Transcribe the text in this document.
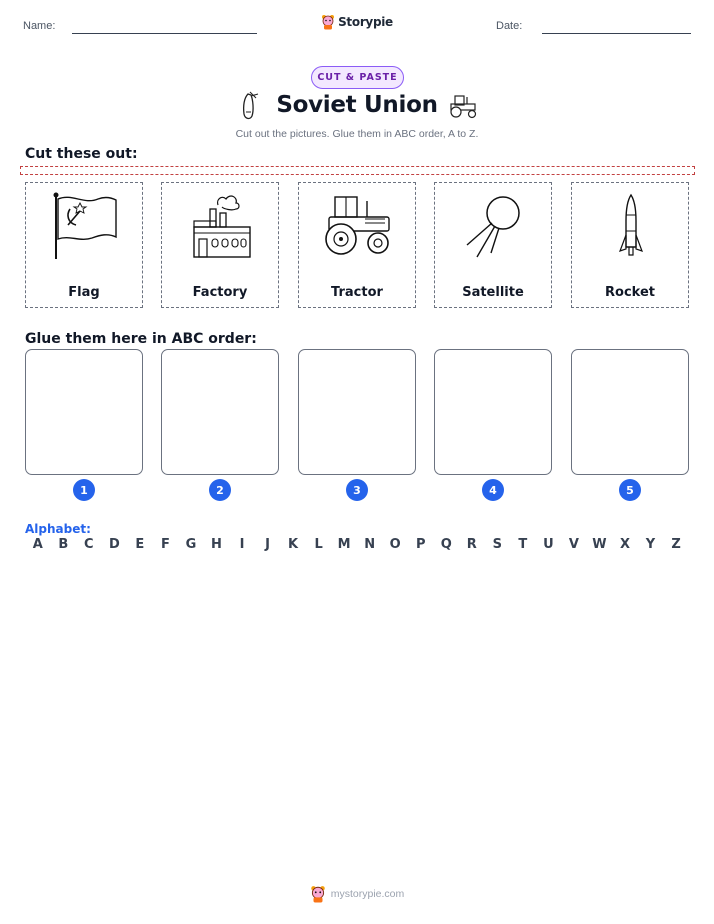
Name:	Storypie	Date:
CUT & PASTE
Soviet Union
Cut out the pictures. Glue them in ABC order, A to Z.
Cut these out:
Flag	Factory	Tractor	Satellite	Rocket
Glue them here in ABC order:
1	2	3	4	5
Alphabet:
A	B	C	D	E	F	G	H	I	J	K	L	M	N	O	P	Q	R	S	T	U	V	W	X	Y	Z
mystorypie.com
